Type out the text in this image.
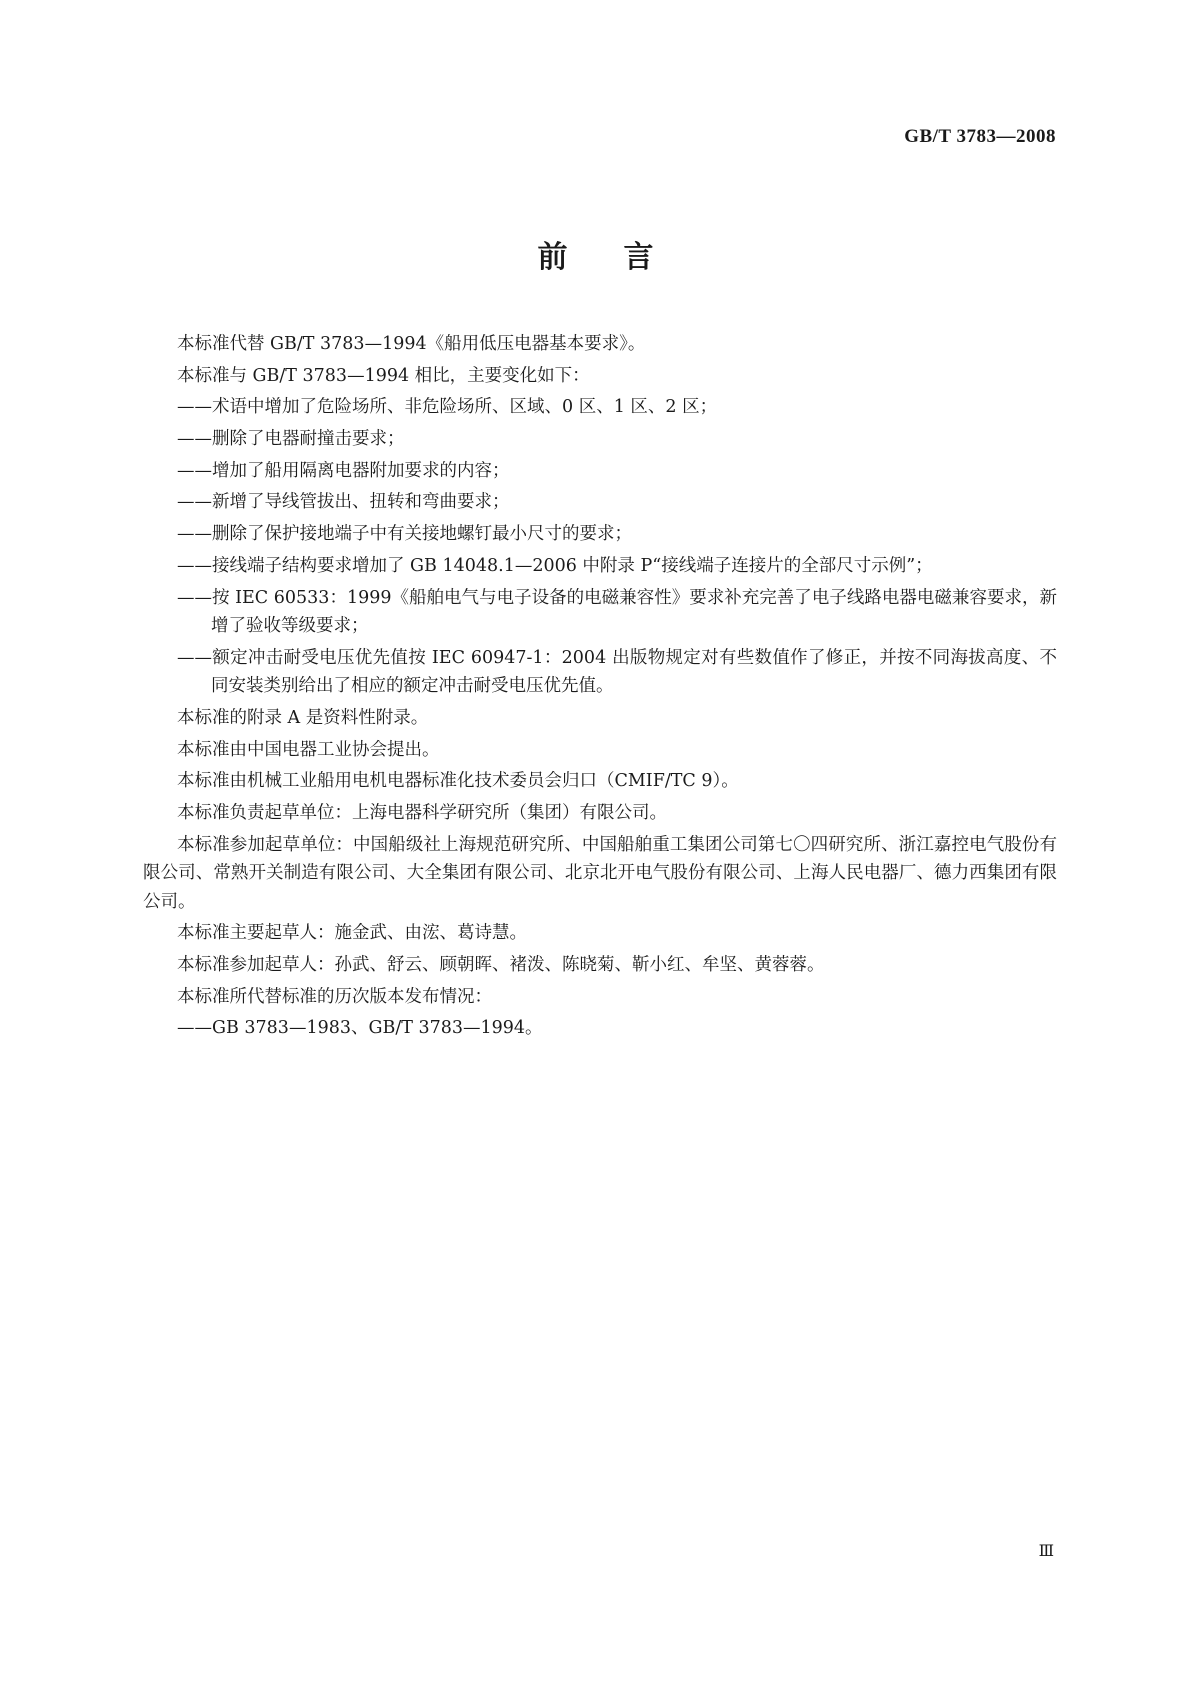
GB/T 3783—2008
前言

本标准代替 GB/T 3783—1994《船用低压电器基本要求》。

本标准与 GB/T 3783—1994 相比，主要变化如下：

——术语中增加了危险场所、非危险场所、区域、0 区、1 区、2 区；

——删除了电器耐撞击要求；

——增加了船用隔离电器附加要求的内容；

——新增了导线管拔出、扭转和弯曲要求；

——删除了保护接地端子中有关接地螺钉最小尺寸的要求；

——接线端子结构要求增加了 GB 14048.1—2006 中附录 P“接线端子连接片的全部尺寸示例”；

——按 IEC 60533：1999《船舶电气与电子设备的电磁兼容性》要求补充完善了电子线路电器电磁兼容要求，新增了验收等级要求；

——额定冲击耐受电压优先值按 IEC 60947-1：2004 出版物规定对有些数值作了修正，并按不同海拔高度、不同安装类别给出了相应的额定冲击耐受电压优先值。

本标准的附录 A 是资料性附录。

本标准由中国电器工业协会提出。

本标准由机械工业船用电机电器标准化技术委员会归口（CMIF/TC 9）。

本标准负责起草单位：上海电器科学研究所（集团）有限公司。

本标准参加起草单位：中国船级社上海规范研究所、中国船舶重工集团公司第七〇四研究所、浙江嘉控电气股份有限公司、常熟开关制造有限公司、大全集团有限公司、北京北开电气股份有限公司、上海人民电器厂、德力西集团有限公司。

本标准主要起草人：施金武、由浤、葛诗慧。

本标准参加起草人：孙武、舒云、顾朝晖、褚泼、陈晓菊、靳小红、牟坚、黄蓉蓉。

本标准所代替标准的历次版本发布情况：

——GB 3783—1983、GB/T 3783—1994。

Ⅲ
